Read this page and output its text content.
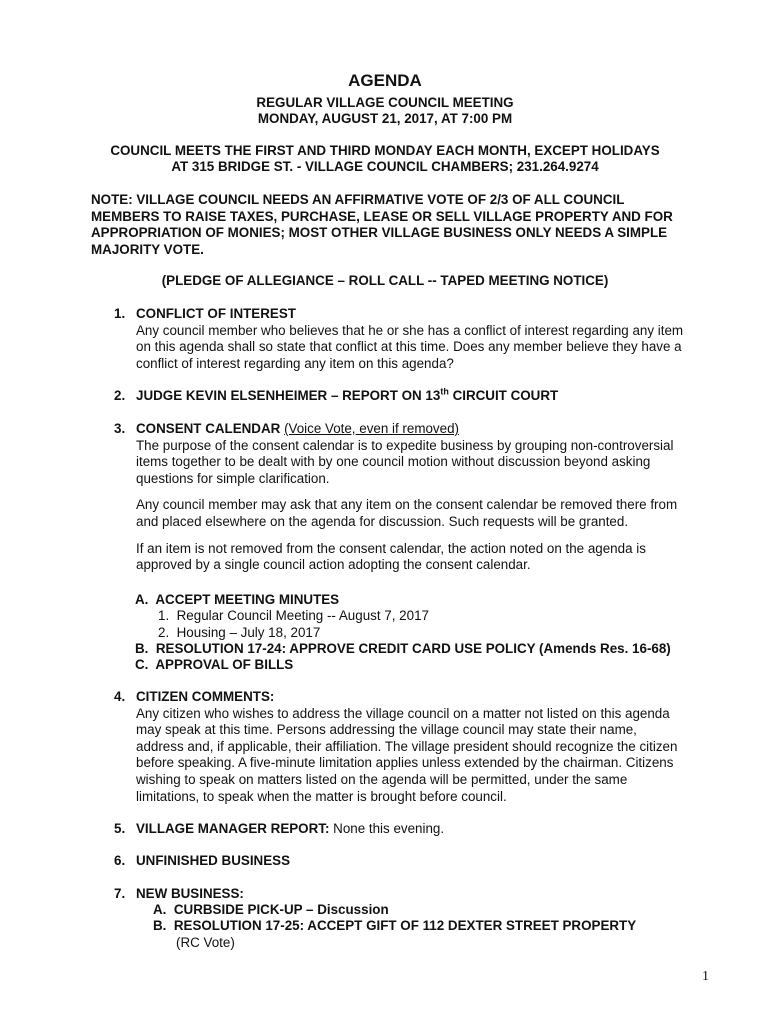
AGENDA
REGULAR VILLAGE COUNCIL MEETING
MONDAY, AUGUST 21, 2017, AT 7:00 PM
COUNCIL MEETS THE FIRST AND THIRD MONDAY EACH MONTH, EXCEPT HOLIDAYS
AT 315 BRIDGE ST. - VILLAGE COUNCIL CHAMBERS; 231.264.9274
NOTE: VILLAGE COUNCIL NEEDS AN AFFIRMATIVE VOTE OF 2/3 OF ALL COUNCIL
MEMBERS TO RAISE TAXES, PURCHASE, LEASE OR SELL VILLAGE PROPERTY AND FOR
APPROPRIATION OF MONIES; MOST OTHER VILLAGE BUSINESS ONLY NEEDS A SIMPLE
MAJORITY VOTE.
(PLEDGE OF ALLEGIANCE – ROLL CALL -- TAPED MEETING NOTICE)
1. CONFLICT OF INTEREST
Any council member who believes that he or she has a conflict of interest regarding any item
on this agenda shall so state that conflict at this time. Does any member believe they have a
conflict of interest regarding any item on this agenda?
2. JUDGE KEVIN ELSENHEIMER – REPORT ON 13th CIRCUIT COURT
3. CONSENT CALENDAR (Voice Vote, even if removed)
The purpose of the consent calendar is to expedite business by grouping non-controversial
items together to be dealt with by one council motion without discussion beyond asking
questions for simple clarification.
Any council member may ask that any item on the consent calendar be removed there from
and placed elsewhere on the agenda for discussion. Such requests will be granted.
If an item is not removed from the consent calendar, the action noted on the agenda is
approved by a single council action adopting the consent calendar.
A. ACCEPT MEETING MINUTES
1. Regular Council Meeting -- August 7, 2017
2. Housing – July 18, 2017
B. RESOLUTION 17-24: APPROVE CREDIT CARD USE POLICY (Amends Res. 16-68)
C. APPROVAL OF BILLS
4. CITIZEN COMMENTS:
Any citizen who wishes to address the village council on a matter not listed on this agenda
may speak at this time. Persons addressing the village council may state their name,
address and, if applicable, their affiliation. The village president should recognize the citizen
before speaking. A five-minute limitation applies unless extended by the chairman. Citizens
wishing to speak on matters listed on the agenda will be permitted, under the same
limitations, to speak when the matter is brought before council.
5. VILLAGE MANAGER REPORT: None this evening.
6. UNFINISHED BUSINESS
7. NEW BUSINESS:
A. CURBSIDE PICK-UP – Discussion
B. RESOLUTION 17-25: ACCEPT GIFT OF 112 DEXTER STREET PROPERTY
(RC Vote)
1
